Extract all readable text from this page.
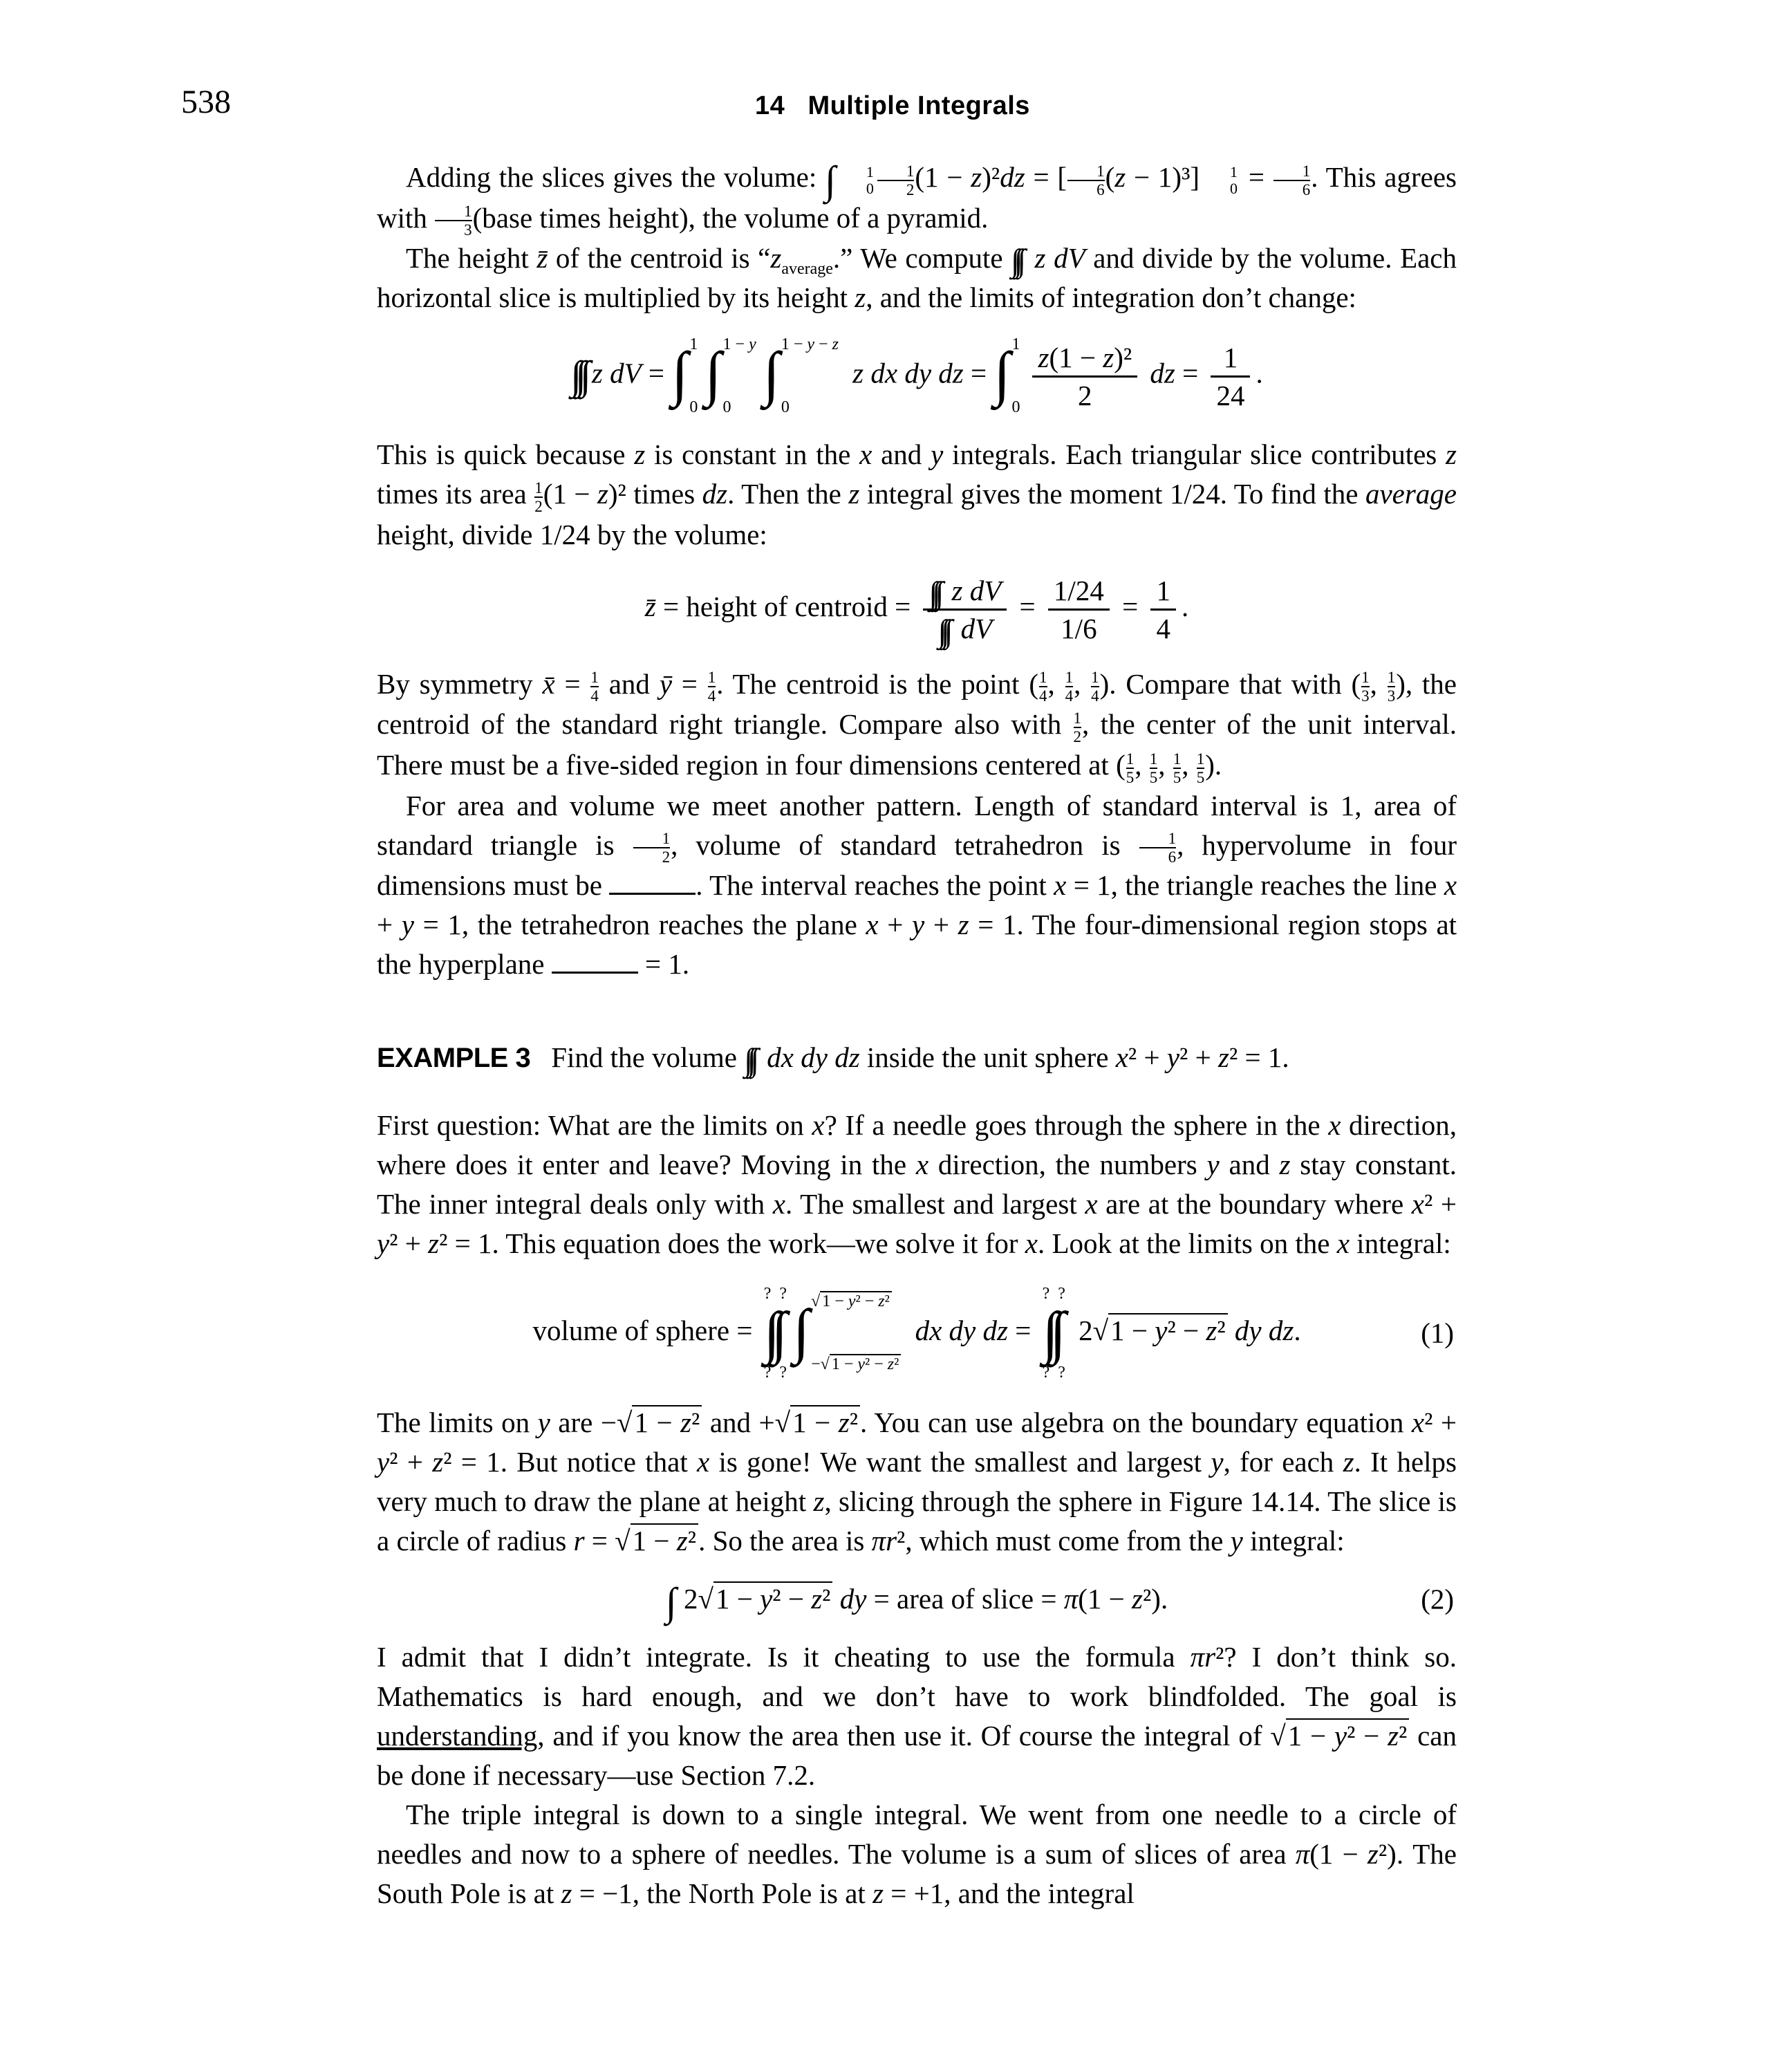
538	14   Multiple Integrals

Adding the slices gives the volume: ∫	1
$0 \frac{1}{2} (1 - z)^2dz$ = [ $\frac{1}{6} (z - 1)^3$]	1
$0 = \frac{1}{6}$ . This agrees with $\frac{1}{3}$ (base times height), the volume of a pyramid.

The height z̄ of the centroid is “$z_{average}$.” We compute ∫∫∫ z dV and divide by the volume. Each horizontal slice is multiplied by its height z, and the limits of integration don’t change:

∫∫∫ z dV = ∫ 1
0 ∫ 1 − y
0 ∫ 1 − y − z
0
z dx dy dz = ∫ 1
$0 \frac{\text{z(1 − z)²}}{2}$ dz = $\frac{1}{24}$ .

This is quick because z is constant in the x and y integrals. Each triangular slice contributes z times its area $\frac{1}{2} (1 - z)^2$ times dz. Then the z integral gives the moment 1/24. To find the average height, divide 1/24 by the volume:

z̄ = height of centroid = $\frac{\text{∫∫∫ z dV}}{\int\int\int dV} = \frac{1/24}{1/6} = \frac{1}{4}$ .

By symmetry x̄ = $\frac{1}{4}$ and ȳ = $\frac{1}{4}$ . The centroid is the point ( $\frac{1}{4}$ , $\frac{1}{4}$ , $\frac{1}{4}$ ). Compare that with ( $\frac{1}{3}$ , $\frac{1}{3}$ ), the centroid of the standard right triangle. Compare also with $\frac{1}{2}$ , the center of the unit interval. There must be a five-sided region in four dimensions centered at ( $\frac{1}{5}$ , $\frac{1}{5}$ , $\frac{1}{5}$ , $\frac{1}{5}$ ).

For area and volume we meet another pattern. Length of standard interval is 1, area of standard triangle is $\frac{1}{2}$ , volume of standard tetrahedron is $\frac{1}{6}$ , hypervolume in four dimensions must be	. The interval reaches the point x = 1, the triangle reaches the line x + y = 1, the tetrahedron reaches the plane x + y + z = 1. The four-dimensional region stops at the hyperplane	= 1.

EXAMPLE 3 Find the volume ∫∫∫ dx dy dz inside the unit sphere x² + y² + z² = 1.

First question: What are the limits on x? If a needle goes through the sphere in the x direction, where does it enter and leave? Moving in the x direction, the numbers y and z stay constant. The inner integral deals only with x. The smallest and largest x are at the boundary where x² + y² + z² = 1. This equation does the work—we solve it for x. Look at the limits on the x integral:

volume of sphere =
? ?
∫∫
? ?
∫ √ 1 − y² − z²
−√ 1 − y² − z²
dx dy dz =
? ?
∫∫
? ?
2√1 − y² − z² dy dz.	(1)

The limits on y are −√1 − z² and +√1 − z². You can use algebra on the boundary equation x² + y² + z² = 1. But notice that x is gone! We want the smallest and largest y, for each z. It helps very much to draw the plane at height z, slicing through the sphere in Figure 14.14. The slice is a circle of radius r = √1 − z². So the area is πr², which must come from the y integral:

∫ 2√1 − y² − z² dy = area of slice = π(1 − z²).	(2)

I admit that I didn’t integrate. Is it cheating to use the formula πr²? I don’t think so. Mathematics is hard enough, and we don’t have to work blindfolded. The goal is understanding, and if you know the area then use it. Of course the integral of √1 − y² − z² can be done if necessary—use Section 7.2.

The triple integral is down to a single integral. We went from one needle to a circle of needles and now to a sphere of needles. The volume is a sum of slices of area π(1 − z²). The South Pole is at z = −1, the North Pole is at z = +1, and the integral
